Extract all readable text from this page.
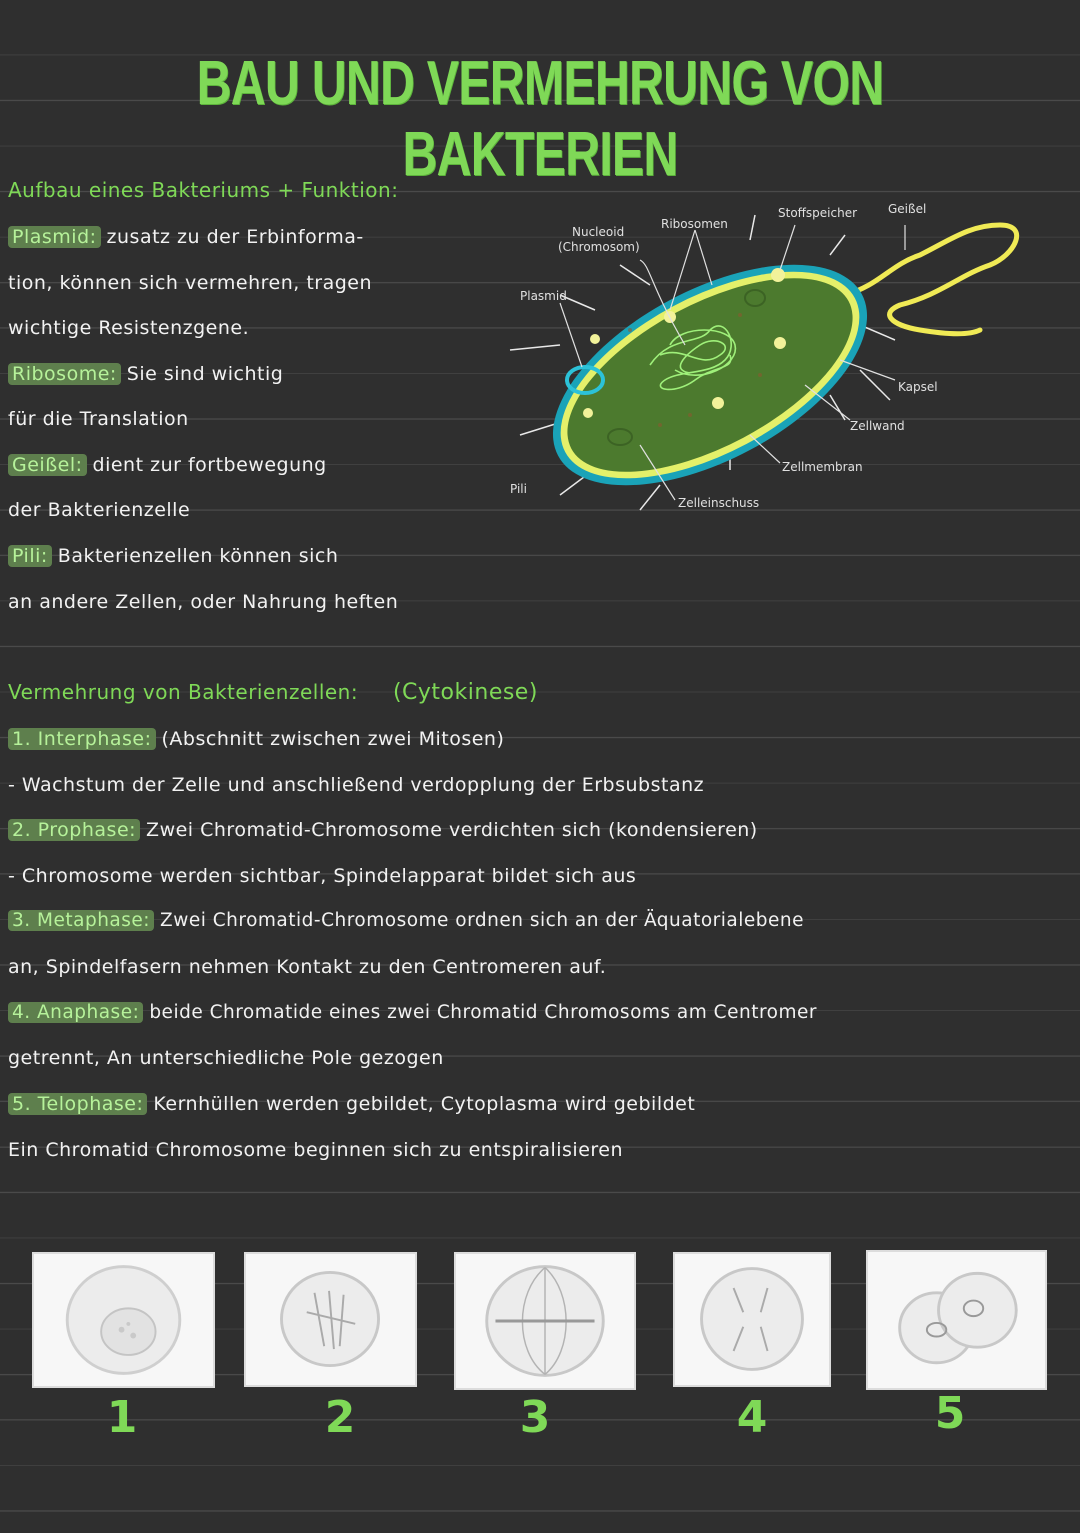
BAU UND VERMEHRUNG VON BAKTERIEN
Aufbau eines Bakteriums + Funktion:
Plasmid: zusatz zu der Erbinforma-
tion, können sich vermehren, tragen
wichtige Resistenzgene.
Ribosome: Sie sind wichtig
für die Translation
Geißel: dient zur fortbewegung
der Bakterienzelle
Pili: Bakterienzellen können sich
an andere Zellen, oder Nahrung heften
Nucleoid
(Chromosom)
Ribosomen
Stoffspeicher	Geißel
Plasmid
Kapsel
Zellwand
Zellmembran
Pili
Zelleinschuss
Vermehrung von Bakterienzellen: (Cytokinese)
1. Interphase: (Abschnitt zwischen zwei Mitosen)
- Wachstum der Zelle und anschließend verdopplung der Erbsubstanz
2. Prophase: Zwei Chromatid-Chromosome verdichten sich (kondensieren)
- Chromosome werden sichtbar, Spindelapparat bildet sich aus
3. Metaphase: Zwei Chromatid-Chromosome ordnen sich an der Äquatorialebene
an, Spindelfasern nehmen Kontakt zu den Centromeren auf.
4. Anaphase: beide Chromatide eines zwei Chromatid Chromosoms am Centromer
getrennt, An unterschiedliche Pole gezogen
5. Telophase: Kernhüllen werden gebildet, Cytoplasma wird gebildet
Ein Chromatid Chromosome beginnen sich zu entspiralisieren
1	2	3	4	5
